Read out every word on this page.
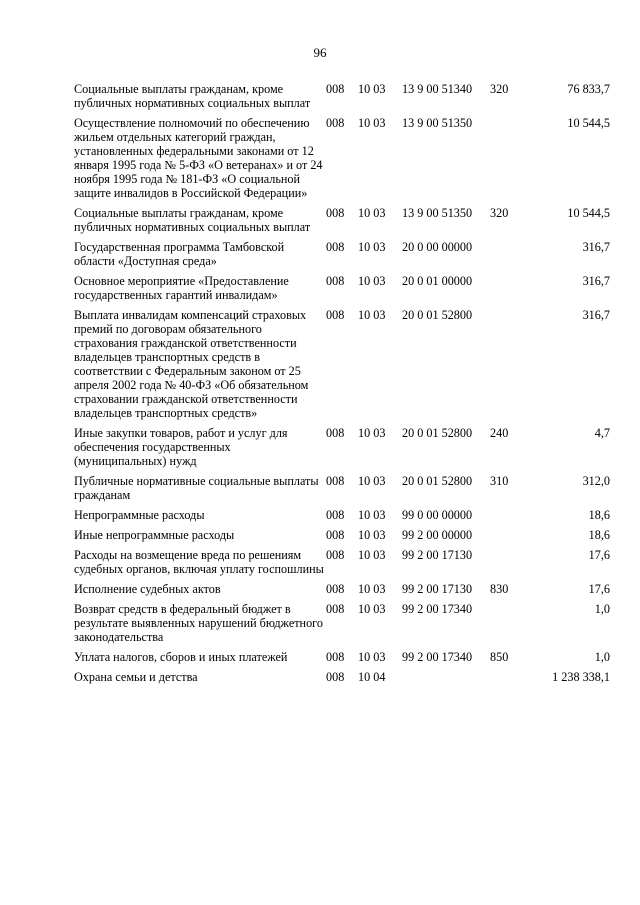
96
Социальные выплаты гражданам, кроме публичных нормативных социальных выплат	008	10 03	13 9 00 51340	320	76 833,7
Осуществление полномочий по обеспечению жильем отдельных категорий граждан, установленных федеральными законами от 12 января 1995 года № 5-ФЗ «О ветеранах» и от 24 ноября 1995 года № 181-ФЗ «О социальной защите инвалидов в Российской Федерации»	008	10 03	13 9 00 51350		10 544,5
Социальные выплаты гражданам, кроме публичных нормативных социальных выплат	008	10 03	13 9 00 51350	320	10 544,5
Государственная программа Тамбовской области «Доступная среда»	008	10 03	20 0 00 00000		316,7
Основное мероприятие «Предоставление государственных гарантий инвалидам»	008	10 03	20 0 01 00000		316,7
Выплата инвалидам компенсаций страховых премий по договорам обязательного страхования гражданской ответственности владельцев транспортных средств в соответствии с Федеральным законом от 25 апреля 2002 года № 40-ФЗ «Об обязательном страховании гражданской ответственности владельцев транспортных средств»	008	10 03	20 0 01 52800		316,7
Иные закупки товаров, работ и услуг для обеспечения государственных (муниципальных) нужд	008	10 03	20 0 01 52800	240	4,7
Публичные нормативные социальные выплаты гражданам	008	10 03	20 0 01 52800	310	312,0
Непрограммные расходы	008	10 03	99 0 00 00000		18,6
Иные непрограммные расходы	008	10 03	99 2 00 00000		18,6
Расходы на возмещение вреда по решениям судебных органов, включая уплату госпошлины	008	10 03	99 2 00 17130		17,6
Исполнение судебных актов	008	10 03	99 2 00 17130	830	17,6
Возврат средств в федеральный бюджет в результате выявленных нарушений бюджетного законодательства	008	10 03	99 2 00 17340		1,0
Уплата налогов, сборов и иных платежей	008	10 03	99 2 00 17340	850	1,0
Охрана семьи и детства	008	10 04			1 238 338,1
